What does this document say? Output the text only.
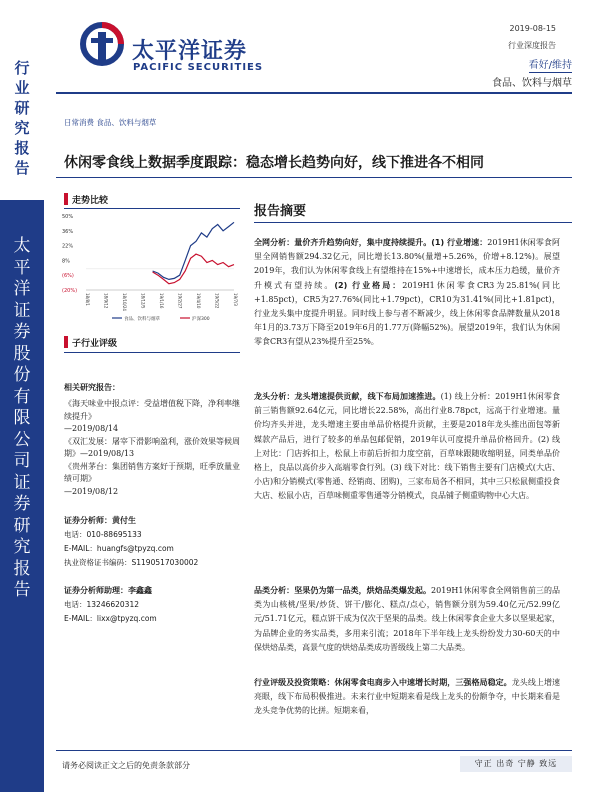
行业研究报告
太平洋证券股份有限公司证券研究报告
太平洋证券
PACIFIC SECURITIES
2019-08-15
行业深度报告
看好/维持
食品、饮料与烟草
日常消费 食品、饮料与烟草
休闲零食线上数据季度跟踪：稳态增长趋势向好，线下推进各不相同
走势比较
50%
36%
22%
8%
(6%)
(20%)
18/8/1	18/9/12	18/10/24	18/12/5	19/1/16	19/2/27	19/4/10	19/5/22	19/7/3
食品、饮料与烟草	沪深300
子行业评级
相关研究报告：
《海天味业中报点评：受益增值税下降，净利率继续提升》
—2019/08/14
《双汇发展：屠宰下滑影响盈利，涨价效果等候周期》—2019/08/13
《贵州茅台：集团销售方案好于预期，旺季放量业绩可期》
—2019/08/12
证券分析师：黄付生
电话：010-88695133
E-MAIL：huangfs@tpyzq.com
执业资格证书编码：S1190517030002
证券分析师助理：李鑫鑫
电话：13246620312
E-MAIL：lixx@tpyzq.com
报告摘要
全网分析：量价齐升趋势向好，集中度持续提升。(1) 行业增速：2019H1休闲零食阿里全网销售额294.32亿元，同比增长13.80%(量增+5.26%，价增+8.12%)。展望2019年，我们认为休闲零食线上有望维持在15%+中速增长，成本压力趋缓，量价齐升模式有望持续。(2) 行业格局：2019H1休闲零食CR3为25.81%(同比+1.85pct)，CR5为27.76%(同比+1.79pct)，CR10为31.41%(同比+1.81pct)，行业龙头集中度提升明显。同时线上参与者不断减少，线上休闲零食品牌数量从2018年1月的3.73万下降至2019年6月的1.77万(降幅52%)。展望2019年，我们认为休闲零食CR3有望从23%提升至25%。
龙头分析：龙头增速提供贡献，线下布局加速推进。(1) 线上分析：2019H1休闲零食前三销售额92.64亿元，同比增长22.58%，高出行业8.78pct，远高于行业增速。量价均齐头并进，龙头增速主要由单品价格提升贡献，主要是2018年龙头推出面包等新媒款产品后，进行了较多的单品包邮促销，2019年认可度提升单品价格回升。(2) 线上对比：门店拆扣上，松鼠上市前后折扣力度空前，百草味跟随收缩明显，同类单品价格上，良品以高价步入高端零食行列。(3) 线下对比：线下销售主要有门店模式(大店、小店)和分销模式(零售通、经销商、团购)，三家布局各不相同，其中三只松鼠侧重投食大店、松鼠小店，百草味侧重零售通等分销模式，良品铺子侧重购物中心大店。
品类分析：坚果仍为第一品类，烘焙品类爆发起。2019H1休闲零食全网销售前三的品类为山核桃/坚果/炒货、饼干/膨化、糕点/点心，销售额分别为59.40亿元/52.99亿元/51.71亿元，糕点饼干成为仅次于坚果的品类。线上休闲零食企业大多以坚果起家，为品牌企业的务实品类，多用来引流；2018年下半年线上龙头纷纷发力30-60天的中保烘焙品类，高景气度的烘焙品类成功晋级线上第二大品类。
行业评级及投资策略：休闲零食电商步入中速增长时期，三强格局稳定。龙头线上增速亮眼，线下布局积极推进。未来行业中短期来看是线上龙头的份额争夺，中长期来看是龙头竞争优势的比拼。短期来看，
请务必阅读正文之后的免责条款部分	守正 出奇 宁静 致远
